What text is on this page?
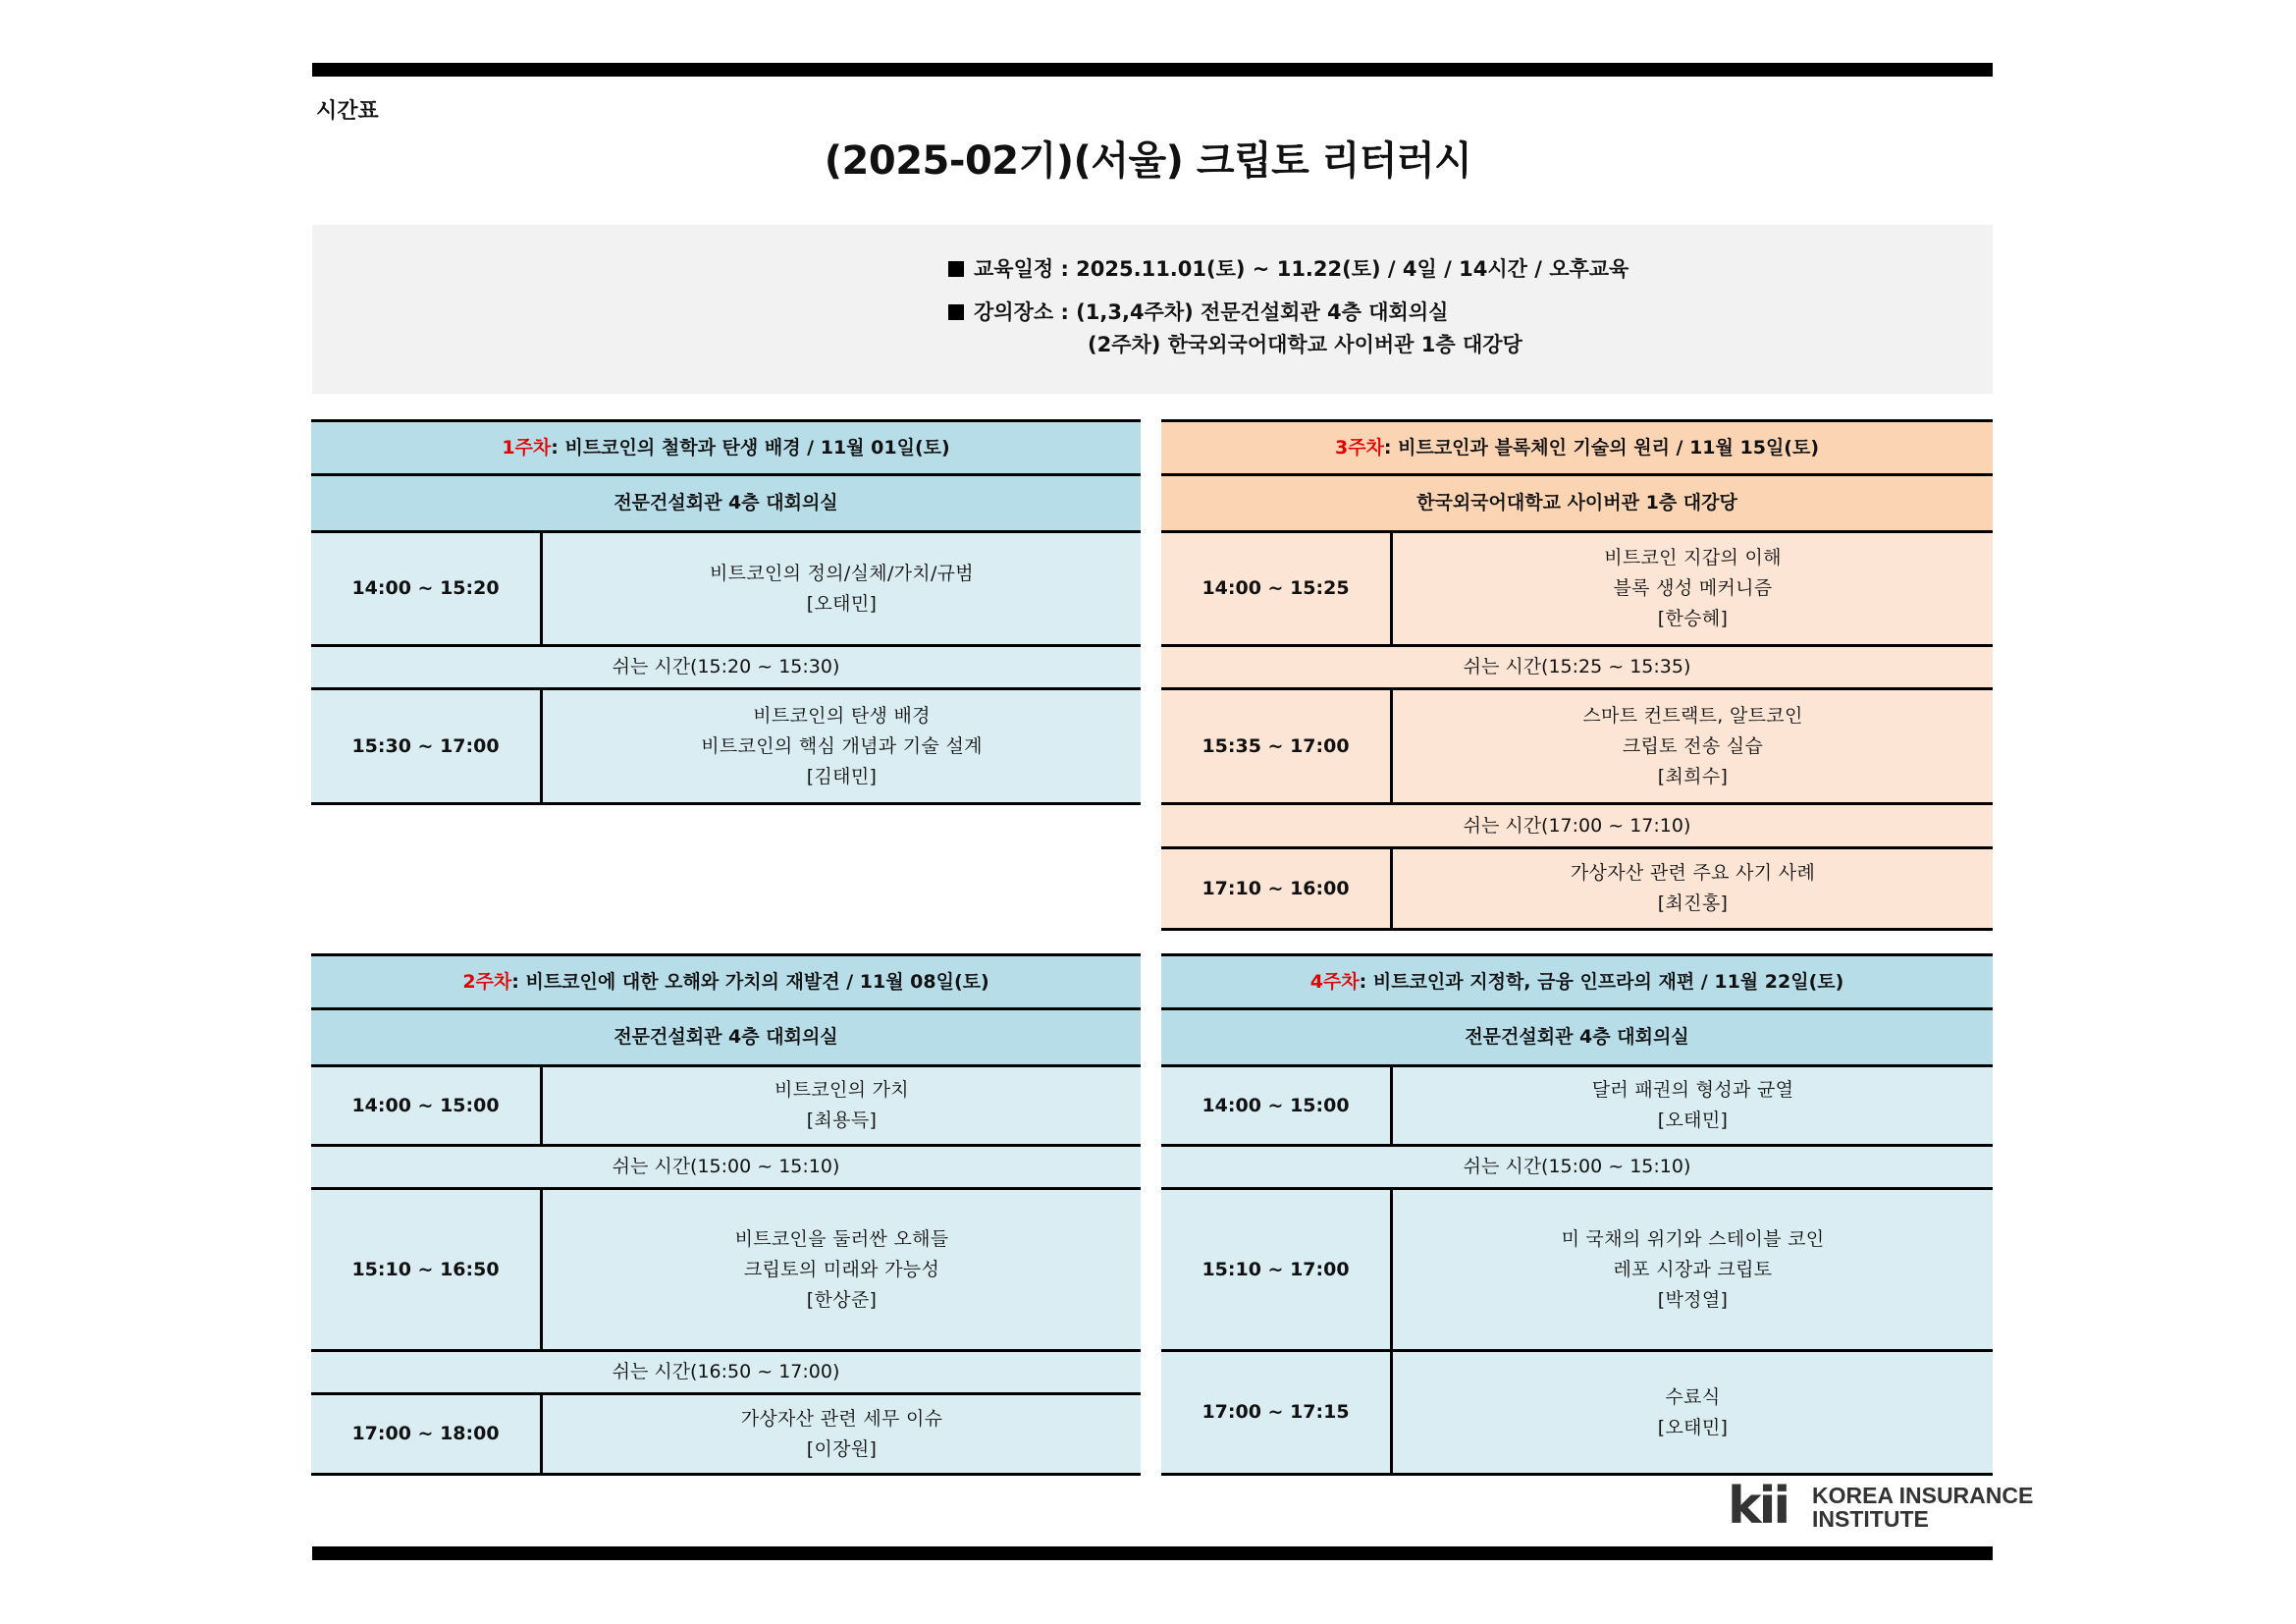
시간표
(2025-02기)(서울) 크립토 리터러시
교육일정 : 2025.11.01(토) ~ 11.22(토) / 4일 / 14시간 / 오후교육
강의장소 : (1,3,4주차) 전문건설회관 4층 대회의실
(2주차) 한국외국어대학교 사이버관 1층 대강당
1주차 : 비트코인의 철학과 탄생 배경 / 11월 01일(토)
전문건설회관 4층 대회의실
14:00 ~ 15:20
비트코인의 정의/실체/가치/규범
[오태민]
쉬는 시간(15:20 ~ 15:30)
15:30 ~ 17:00
비트코인의 탄생 배경
비트코인의 핵심 개념과 기술 설계
[김태민]
3주차 : 비트코인과 블록체인 기술의 원리 / 11월 15일(토)
한국외국어대학교 사이버관 1층 대강당
14:00 ~ 15:25
비트코인 지갑의 이해
블록 생성 메커니즘
[한승혜]
쉬는 시간(15:25 ~ 15:35)
15:35 ~ 17:00
스마트 컨트랙트, 알트코인
크립토 전송 실습
[최희수]
쉬는 시간(17:00 ~ 17:10)
17:10 ~ 16:00
가상자산 관련 주요 사기 사례
[최진홍]
2주차 : 비트코인에 대한 오해와 가치의 재발견 / 11월 08일(토)
전문건설회관 4층 대회의실
14:00 ~ 15:00
비트코인의 가치
[최용득]
쉬는 시간(15:00 ~ 15:10)
15:10 ~ 16:50
비트코인을 둘러싼 오해들
크립토의 미래와 가능성
[한상준]
쉬는 시간(16:50 ~ 17:00)
17:00 ~ 18:00
가상자산 관련 세무 이슈
[이장원]
4주차 : 비트코인과 지정학, 금융 인프라의 재편 / 11월 22일(토)
전문건설회관 4층 대회의실
14:00 ~ 15:00
달러 패권의 형성과 균열
[오태민]
쉬는 시간(15:00 ~ 15:10)
15:10 ~ 17:00
미 국채의 위기와 스테이블 코인
레포 시장과 크립토
[박정열]
17:00 ~ 17:15
수료식
[오태민]
kii KOREA INSURANCE
INSTITUTE
